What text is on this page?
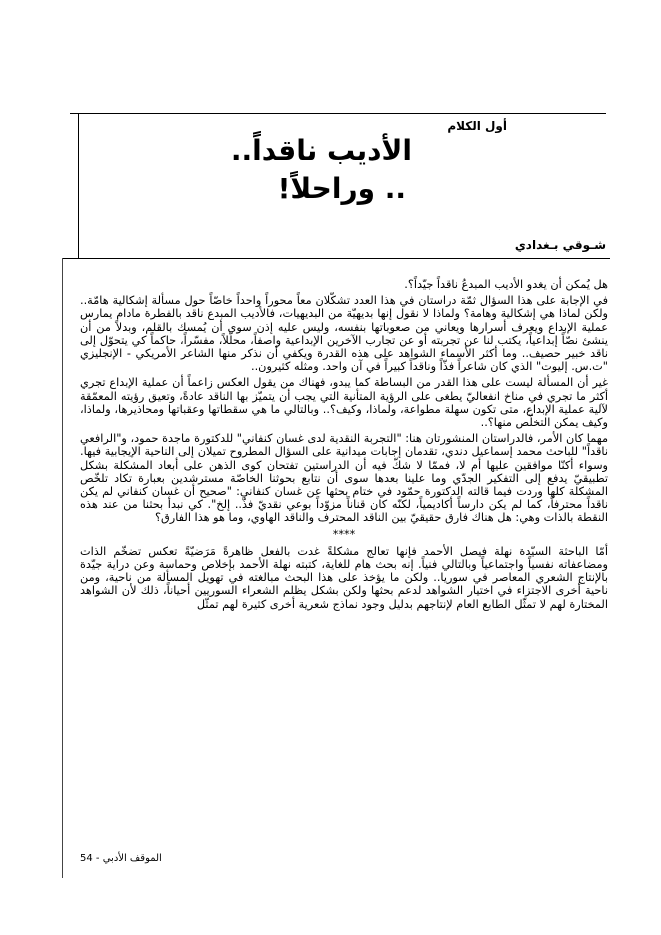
أول الكلام
الأديب ناقداً..
.. وراحلاً!
شـوقي بـغدادي

هل يُمكن أن يغدو الأديب المبدعُ ناقداً جيّداً؟.

في الإجابة على هذا السؤال ثمّة دراستان في هذا العدد تشكّلان معاً محوراً واحداً خاصّاً حول مسألة إشكالية هامّة.. ولكن لماذا هي إشكالية وهامة؟ ولماذا لا نقول إنها بديهيّة من البديهيات، فالأديب المبدع ناقد بالفطرة مادام يمارس عملية الإبداع ويعرف أسرارها ويعاني من صعوباتها بنفسه، وليس عليه إذن سوى أن يُمسك بالقلم، وبدلاً من أن ينشئ نصّاً إبداعياً، يكتب لنا عن تجربته أو عن تجارب الآخرين الإبداعية واصفاً، محلّلاً، مفسّراً، حاكماً كي يتحوّل إلى ناقد خبير حصيف.. وما أكثر الأسماء الشواهد على هذه القدرة ويكفي أن نذكر منها الشاعر الأمريكي - الإنجليزي "ت.س. إليوت" الذي كان شاعراً فذّاً وناقداً كبيراً في آن واحد. ومثله كثيرون..

غير أن المسألة ليست على هذا القدر من البساطة كما يبدو، فهناك من يقول العكس زاعماً أن عملية الإبداع تجري أكثر ما تجري في مناخ انفعاليّ يطغى على الرؤية المتأنية التي يجب أن يتميّز بها الناقد عادةً، وتعيق رؤيته المعمّقة لآلية عملية الإبداع، متى تكون سهلة مطواعة، ولماذا، وكيف؟.. وبالتالي ما هي سقطاتها وعقباتها ومحاذيرها، ولماذا، وكيف يمكن التخلّص منها؟..

مهما كان الأمر، فالدراستان المنشورتان هنا: "التجربة النقدية لدى غسان كنفاني" للدكتورة ماجدة حمود، و"الرافعي ناقداً" للباحث محمد إسماعيل دندي، تقدمان إجابات ميدانية على السؤال المطروح تميلان إلى الناحية الإيجابية فيها. وسواء أكنّا موافقين عليها أم لا، فممّا لا شكّ فيه أن الدراستين تفتحان كوى الذهن على أبعاد المشكلة بشكل تطبيقيّ يدفع إلى التفكير الجدّي وما علينا بعدها سوى أن نتابع بحوثنا الخاصّة مسترشدين بعبارة تكاد تلخّص المشكلة كلها وردت فيما قالته الدكتورة حمّود في ختام بحثها عن غسان كنفاني: "صحيح أن غسان كنفاني لم يكن ناقداً محترفاً، كما لم يكن دارساً أكاديمياً، لكنّه كان قناناً مزوّداً بوعي نقديّ فذّ.. إلخ". كي نبدأ بحثنا من عند هذه النقطة بالذات وهي: هل هناك فارق حقيقيّ بين الناقد المحترف والناقد الهاوي، وما هو هذا الفارق؟

****

أمّا الباحثة السيّدة نهلة فيصل الأحمد فإنها تعالج مشكلةً غدت بالفعل ظاهرةً مَرَضيّةً تعكس تضخّم الذات ومضاعفاته نفسياً واجتماعياً وبالتالي فنياً. إنه بحث هام للغاية، كتبته نهلة الأحمد بإخلاص وحماسة وعن دراية جيّدة بالإنتاج الشعري المعاصر في سوريا.. ولكن ما يؤخذ على هذا البحث مبالغته في تهويل المسألة من ناحية، ومن ناحية أخرى الاجتزاء في اختيار الشواهد لدعم بحثها ولكن بشكل يظلم الشعراء السوريين أحياناً، ذلك لأن الشواهد المختارة لهم لا تمثّل الطابع العام لإنتاجهم بدليل وجود نماذج شعرية أخرى كثيرة لهم تمثّل

الموقف الأدبي - 54
